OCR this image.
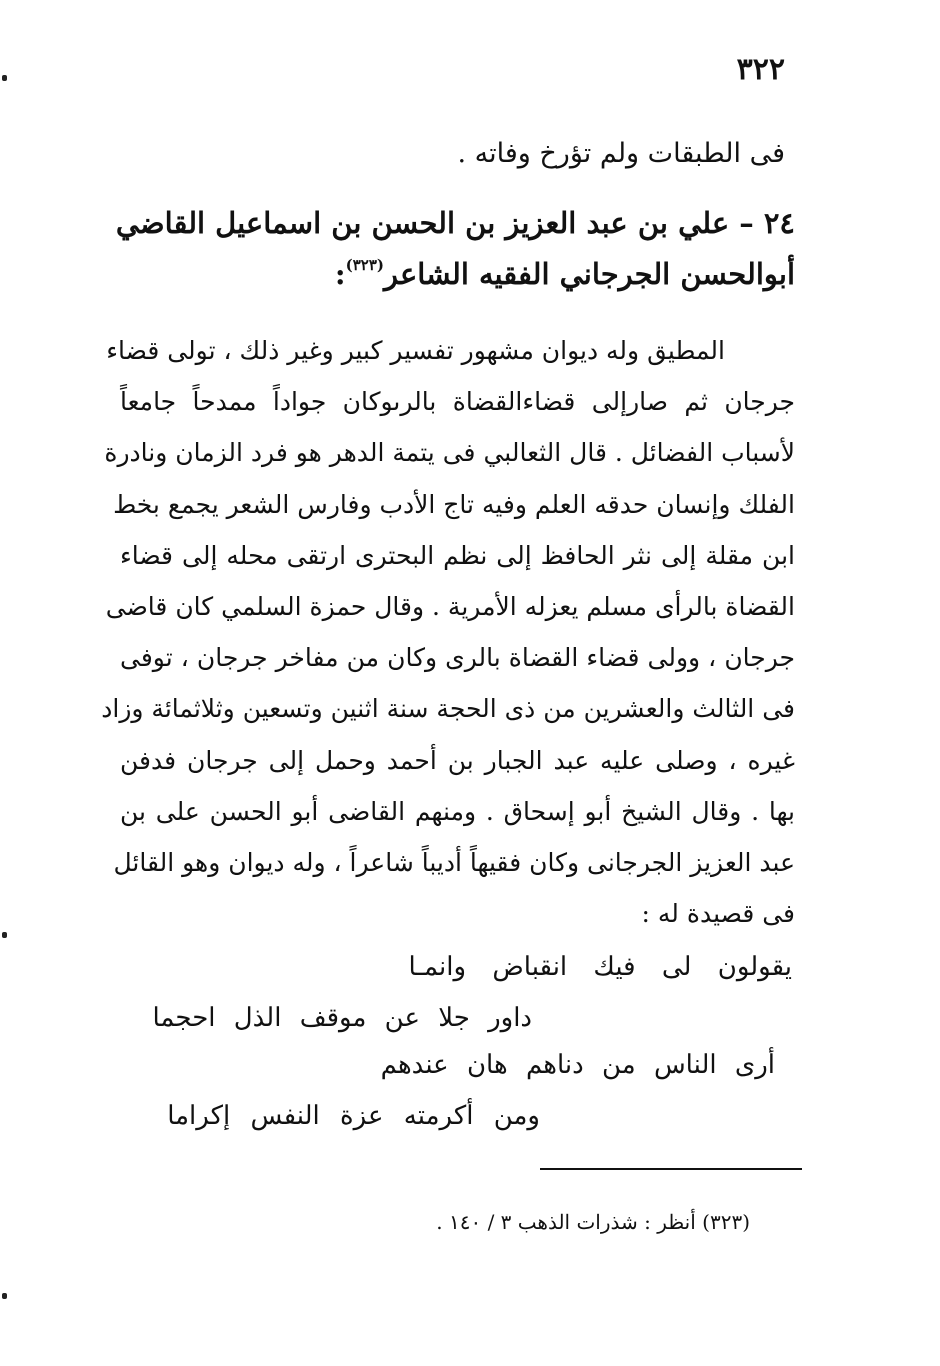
٣٢٢
فى الطبقات ولم تؤرخ وفاته .
٢٤ – علي بن عبد العزيز بن الحسن بن اسماعيل القاضي
أبوالحسن الجرجاني الفقيه الشاعر$^{(٣٢٣)}$:
المطيق وله ديوان مشهور تفسير كبير وغير ذلك ، تولى قضاء
جرجان ثم صارإلى قضاءالقضاة بالرىوكان جواداً ممدحاً جامعاً
لأسباب الفضائل . قال الثعالبي فى يتمة الدهر هو فرد الزمان ونادرة
الفلك وإنسان حدقه العلم وفيه تاج الأدب وفارس الشعر يجمع بخط
ابن مقلة إلى نثر الحافظ إلى نظم البحترى ارتقى محله إلى قضاء
القضاة بالرأى مسلم يعزله الأمرية . وقال حمزة السلمي كان قاضى
جرجان ، وولى قضاء القضاة بالرى وكان من مفاخر جرجان ، توفى
فى الثالث والعشرين من ذى الحجة سنة اثنين وتسعين وثلاثمائة وزاد
غيره ، وصلى عليه عبد الجبار بن أحمد وحمل إلى جرجان فدفن
بها . وقال الشيخ أبو إسحاق . ومنهم القاضى أبو الحسن على بن
عبد العزيز الجرجانى وكان فقيهاً أديباً شاعراً ، وله ديوان وهو القائل
فى قصيدة له :
يقولون لى فيك انقباض وانمـا
داور جلا عن موقف الذل احجما
أرى الناس من دناهم هان عندهم
ومن أكرمته عزة النفس إكراما
(٣٢٣) أنظر : شذرات الذهب ٣ / ١٤٠ .
